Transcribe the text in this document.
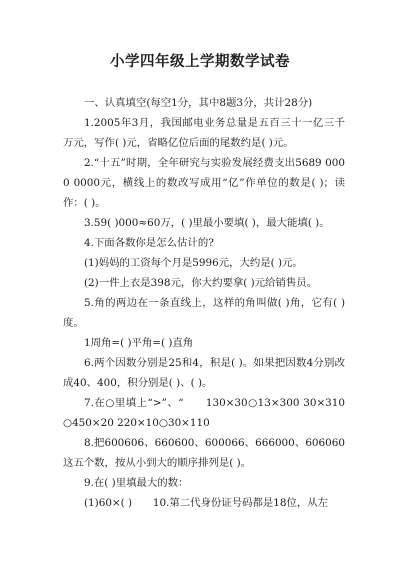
小学四年级上学期数学试卷

一、认真填空(每空1分，其中8题3分，共计28分)

1.2005年3月，我国邮电业务总量是五百三十一亿三千万元，写作( )元，省略亿位后面的尾数约是( )元。

2.“十五”时期，全年研究与实验发展经费支出5689 0000 0000元，横线上的数改写成用“亿”作单位的数是( )；读作：( )。

3.59( )000≈60万，( )里最小要填( )，最大能填( )。

4.下面各数你是怎么估计的?

(1)妈妈的工资每个月是5996元，大约是( )元。

(2)一件上衣是398元，你大约要拿( )元给销售员。

5.角的两边在一条直线上，这样的角叫做( )角，它有( )度。

1周角=( )平角=( )直角

6.两个因数分别是25和4，积是( )。如果把因数4分别改成40、400，积分别是( )、( )。

7.在○里填上“>”、“　　130×30○13×300 30×310○450×20 220×10○30×110

8.把600606、660600、600066、666000、606060这五个数，按从小到大的顺序排列是( )。

9.在( )里填最大的数：

(1)60×( )　　10.第二代身份证号码都是18位，从左
